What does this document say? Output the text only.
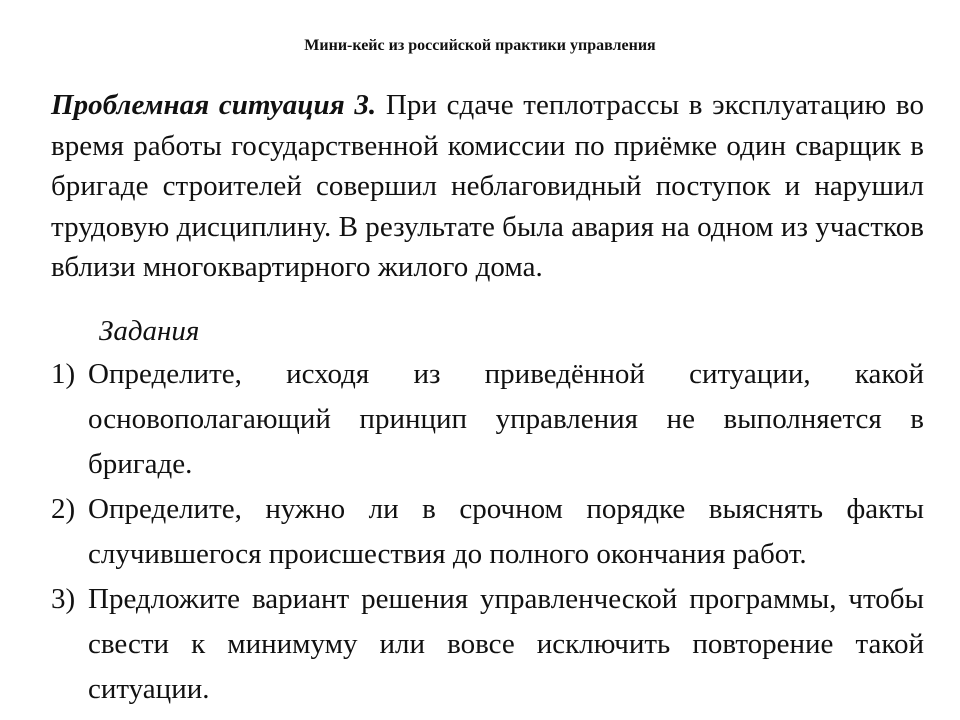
Мини-кейс из российской практики управления

Проблемная ситуация 3. При сдаче теплотрассы в эксплуатацию во время работы государственной комиссии по приёмке один сварщик в бригаде строителей совершил неблаговидный поступок и нарушил трудовую дисциплину. В результате была авария на одном из участков вблизи многоквартирного жилого дома.

Задания
1) Определите, исходя из приведённой ситуации, какой основополагающий принцип управления не выполняется в бригаде.
2) Определите, нужно ли в срочном порядке выяснять факты случившегося происшествия до полного окончания работ.
3) Предложите вариант решения управленческой программы, чтобы свести к минимуму или вовсе исключить повторение такой ситуации.
